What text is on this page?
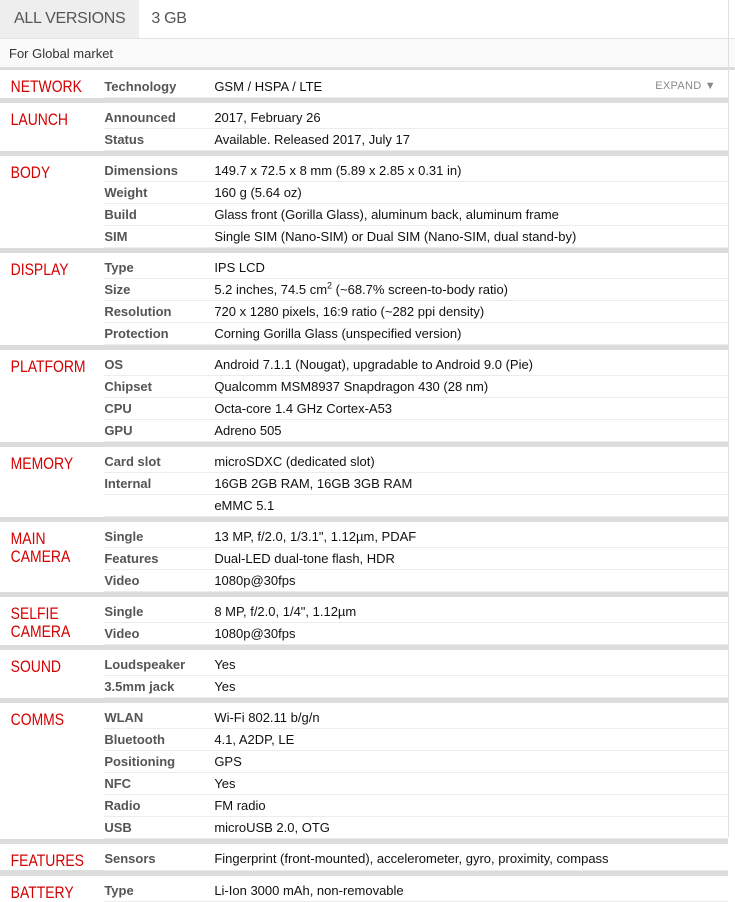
ALL VERSIONS	3 GB
For Global market
NETWORK	Technology	GSM / HSPA / LTE EXPAND ▼

LAUNCH	Announced	2017, February 26
	Status	Available. Released 2017, July 17

BODY	Dimensions	149.7 x 72.5 x 8 mm (5.89 x 2.85 x 0.31 in)
	Weight	160 g (5.64 oz)
	Build	Glass front (Gorilla Glass), aluminum back, aluminum frame
	SIM	Single SIM (Nano-SIM) or Dual SIM (Nano-SIM, dual stand-by)

DISPLAY	Type	IPS LCD
	Size	5.2 inches, 74.5 $cm^2$ (~68.7% screen-to-body ratio)
	Resolution	720 x 1280 pixels, 16:9 ratio (~282 ppi density)
	Protection	Corning Gorilla Glass (unspecified version)

PLATFORM	OS	Android 7.1.1 (Nougat), upgradable to Android 9.0 (Pie)
	Chipset	Qualcomm MSM8937 Snapdragon 430 (28 nm)
	CPU	Octa-core 1.4 GHz Cortex-A53
	GPU	Adreno 505

MEMORY	Card slot	microSDXC (dedicated slot)
	Internal	16GB 2GB RAM, 16GB 3GB RAM
		eMMC 5.1

MAIN
CAMERA	Single	13 MP, f/2.0, 1/3.1", 1.12µm, PDAF
	Features	Dual-LED dual-tone flash, HDR
	Video	1080p@30fps

SELFIE
CAMERA	Single	8 MP, f/2.0, 1/4", 1.12µm
	Video	1080p@30fps

SOUND	Loudspeaker	Yes
	3.5mm jack	Yes

COMMS	WLAN	Wi-Fi 802.11 b/g/n
	Bluetooth	4.1, A2DP, LE
	Positioning	GPS
	NFC	Yes
	Radio	FM radio
	USB	microUSB 2.0, OTG

FEATURES	Sensors	Fingerprint (front-mounted), accelerometer, gyro, proximity, compass

BATTERY	Type	Li-Ion 3000 mAh, non-removable
